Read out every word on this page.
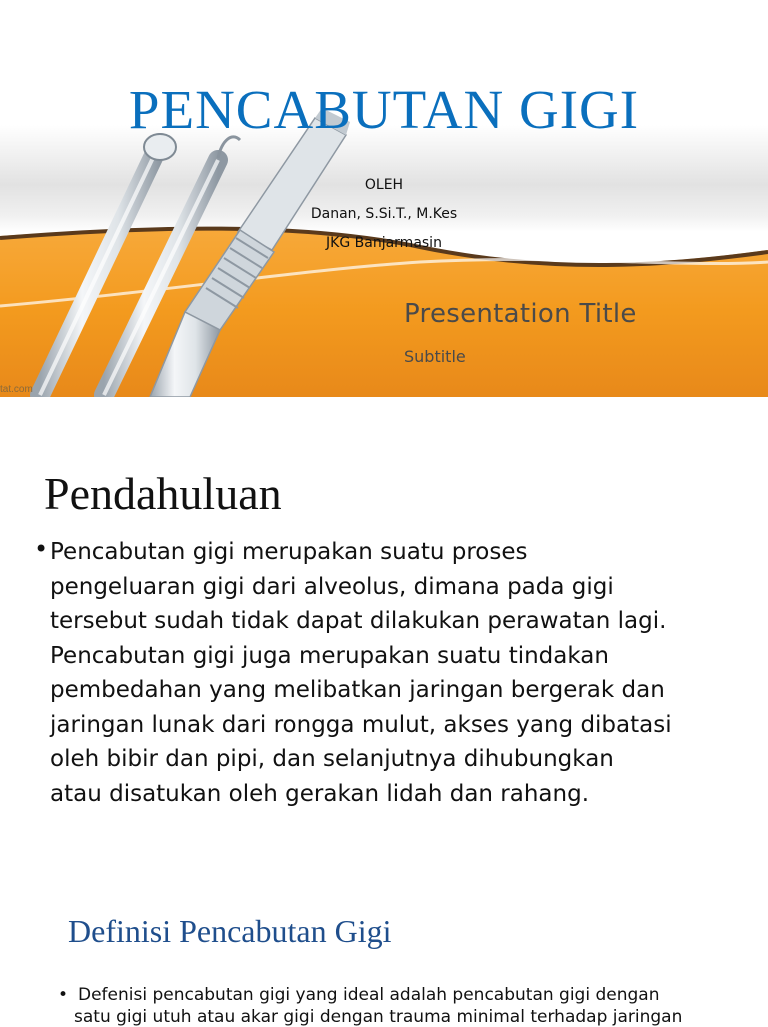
PENCABUTAN GIGI
OLEH
Danan, S.Si.T., M.Kes
JKG Banjarmasin
Presentation Title
Subtitle
tat.com
Pendahuluan
• Pencabutan gigi merupakan suatu proses
pengeluaran gigi dari alveolus, dimana pada gigi
tersebut sudah tidak dapat dilakukan perawatan lagi.
Pencabutan gigi juga merupakan suatu tindakan
pembedahan yang melibatkan jaringan bergerak dan
jaringan lunak dari rongga mulut, akses yang dibatasi
oleh bibir dan pipi, dan selanjutnya dihubungkan
atau disatukan oleh gerakan lidah dan rahang.
Definisi Pencabutan Gigi
• Defenisi pencabutan gigi yang ideal adalah pencabutan gigi dengan
satu gigi utuh atau akar gigi dengan trauma minimal terhadap jaringan
